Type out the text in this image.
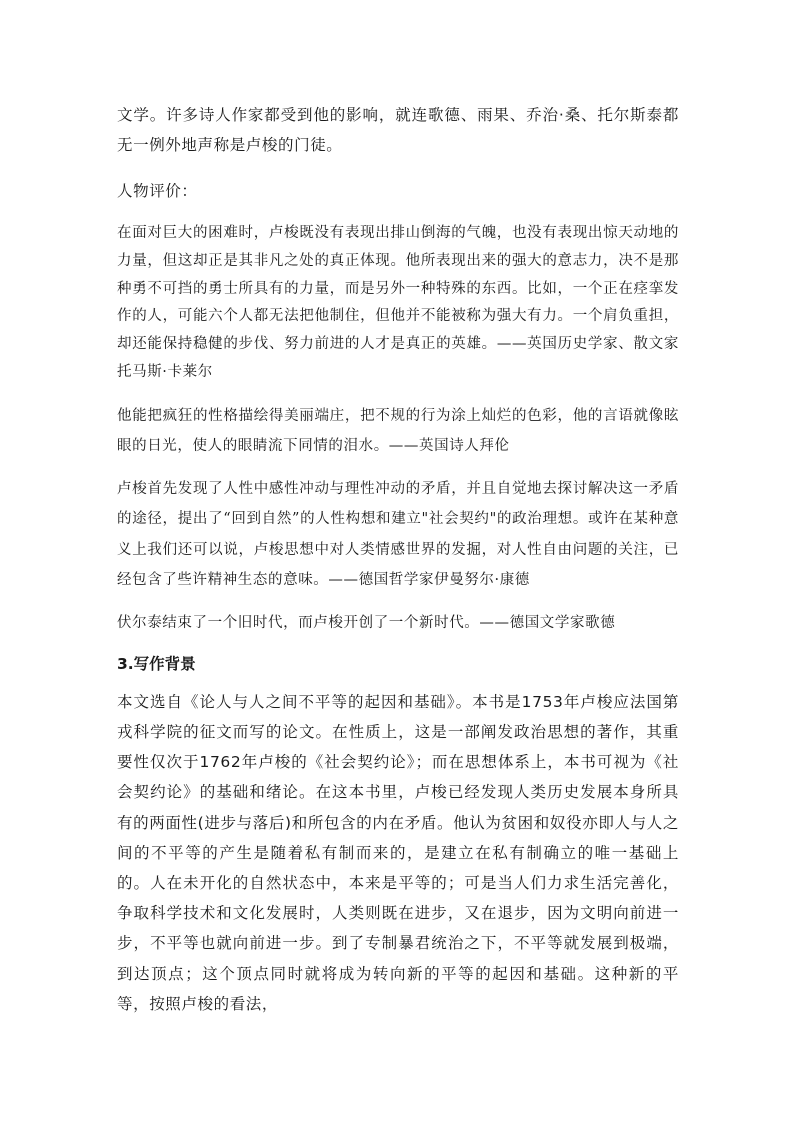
文学。许多诗人作家都受到他的影响，就连歌德、雨果、乔治·桑、托尔斯泰都无一例外地声称是卢梭的门徒。

人物评价：

在面对巨大的困难时，卢梭既没有表现出排山倒海的气魄，也没有表现出惊天动地的力量，但这却正是其非凡之处的真正体现。他所表现出来的强大的意志力，决不是那种勇不可挡的勇士所具有的力量，而是另外一种特殊的东西。比如，一个正在痉挛发作的人，可能六个人都无法把他制住，但他并不能被称为强大有力。一个肩负重担，却还能保持稳健的步伐、努力前进的人才是真正的英雄。——英国历史学家、散文家托马斯·卡莱尔

他能把疯狂的性格描绘得美丽端庄，把不规的行为涂上灿烂的色彩，他的言语就像眩眼的日光，使人的眼睛流下同情的泪水。——英国诗人拜伦

卢梭首先发现了人性中感性冲动与理性冲动的矛盾，并且自觉地去探讨解决这一矛盾的途径，提出了“回到自然”的人性构想和建立"社会契约"的政治理想。或许在某种意义上我们还可以说，卢梭思想中对人类情感世界的发掘，对人性自由问题的关注，已经包含了些许精神生态的意味。——德国哲学家伊曼努尔·康德

伏尔泰结束了一个旧时代，而卢梭开创了一个新时代。——德国文学家歌德

3.写作背景

本文选自《论人与人之间不平等的起因和基础》。本书是1753年卢梭应法国第戎科学院的征文而写的论文。在性质上，这是一部阐发政治思想的著作，其重要性仅次于1762年卢梭的《社会契约论》；而在思想体系上，本书可视为《社会契约论》的基础和绪论。在这本书里，卢梭已经发现人类历史发展本身所具有的两面性(进步与落后)和所包含的内在矛盾。他认为贫困和奴役亦即人与人之间的不平等的产生是随着私有制而来的，是建立在私有制确立的唯一基础上的。人在未开化的自然状态中，本来是平等的；可是当人们力求生活完善化，争取科学技术和文化发展时，人类则既在进步，又在退步，因为文明向前进一步，不平等也就向前进一步。到了专制暴君统治之下，不平等就发展到极端，到达顶点；这个顶点同时就将成为转向新的平等的起因和基础。这种新的平等，按照卢梭的看法，
